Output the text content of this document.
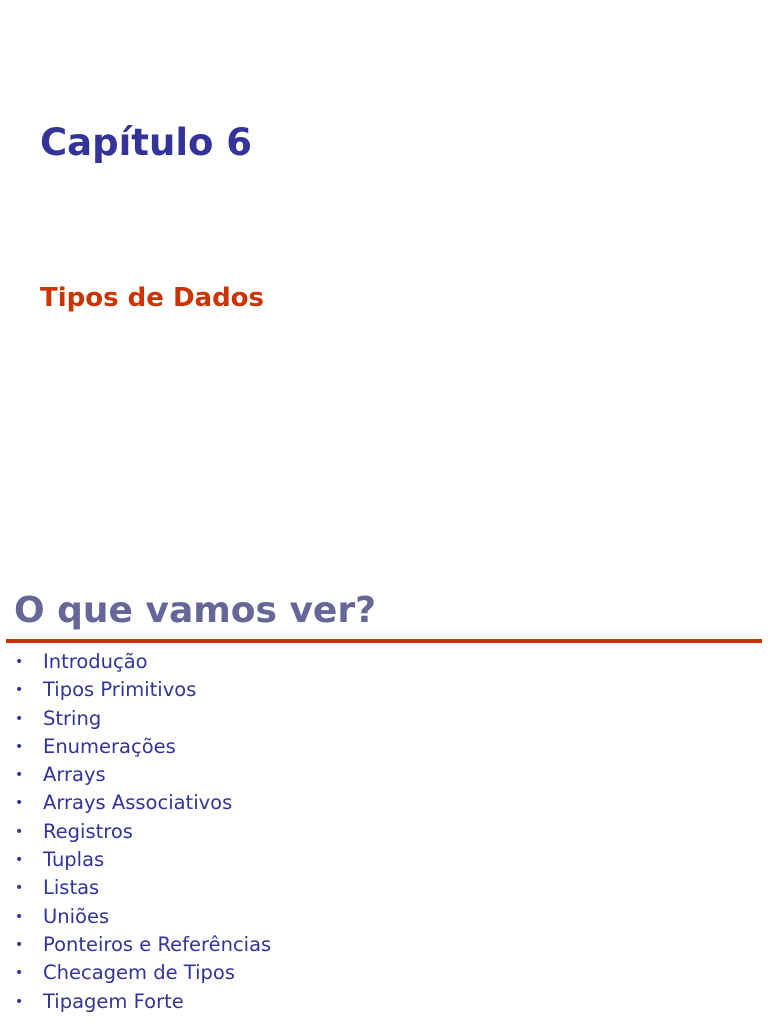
Capítulo 6
Tipos de Dados
O que vamos ver?
• Introdução
• Tipos Primitivos
• String
• Enumerações
• Arrays
• Arrays Associativos
• Registros
• Tuplas
• Listas
• Uniões
• Ponteiros e Referências
• Checagem de Tipos
• Tipagem Forte
